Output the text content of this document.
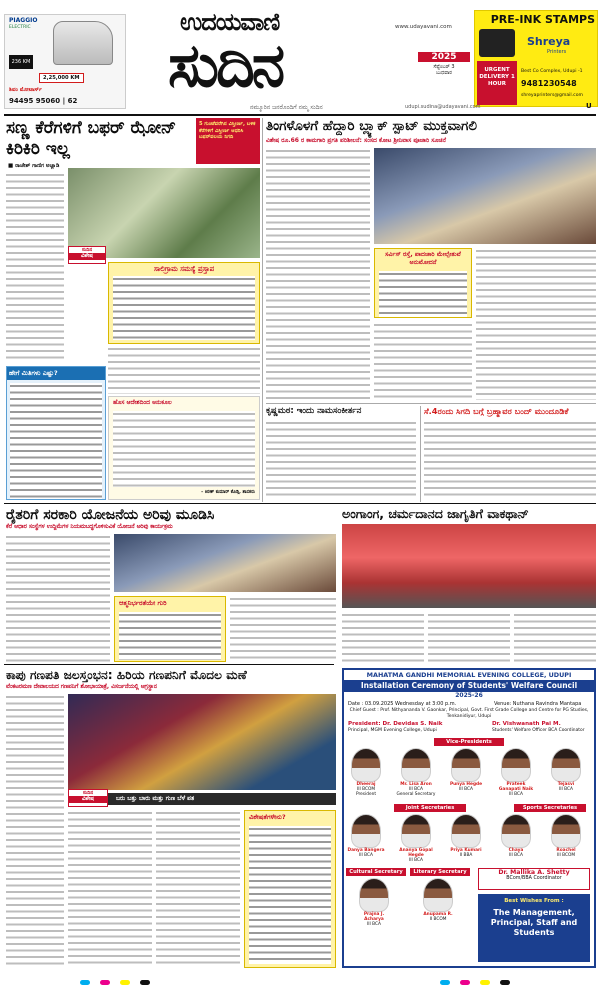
PIAGGIO
ELECTRIC
236 KM
2,25,000 KM
ಶಿವಂ ಮೋಟಾರ್ಸ್
94495 95060 | 62
ಉದಯವಾಣಿ
ಸುದಿನ
www.udayavani.com
2025
ಸೆಪ್ಟೆಂಬರ್ 3
ಬುಧವಾರ
PRE-INK STAMPS
Shreya
Printers
URGENT DELIVERY 1 HOUR
Best Co Complex, Udupi -1
9481230548
shreyaprinters@gmail.com
ನಮ್ಮೂರಿನ ಜನರೊಂದಿಗೆ ನಮ್ಮ ಸುದಿನ	udupi.sudina@udayavani.com	U
ಸಣ್ಣ ಕೆರೆಗಳಿಗೆ ಬಫರ್ ಝೋನ್ ಕಿರಿಕಿರಿ ಇಲ್ಲ
5 ಗುಂಟೆವರೆಗಿನ ವಿಸ್ತೀರ್ಣ, ಬಳಿಕ ಕೆರೆಗಳಿಗೆ ವಿಸ್ತೀರ್ಣ ಆಧರಿಸಿ ಬಫರ್‌ವಲಯ ನಿಗದಿ
■ ರಾಜೇಶ್ ಗಾಣಿಗ ಅಚ್ಲಾಡಿ
ಸುದಿನ
ವಿಶೇಷ
ಸಾಲಿಗ್ರಾಮ ಸಮಸ್ಯೆ ಪ್ರಸ್ತಾಪ
ಹೇಗೆ ಮಿತಿಗಳು ಎಷ್ಟು?
ಹೊಸ ಆದೇಶದಿಂದ ಅನುಕೂಲ
– ಕಿರಣ್ ಕುಮಾರ್ ಕೊಡ್ಗಿ, ಶಾಸಕರು
ತಿಂಗಳೊಳಗೆ ಹೆದ್ದಾರಿ ಬ್ಲ್ಯಾಕ್ ಸ್ಪಾಟ್ ಮುಕ್ತವಾಗಲಿ
ವಿಶೇಷ ರೂ.66 ರ ಕಾಮಗಾರಿ ಪ್ರಗತಿ ಪರಿಶೀಲನೆ: ಸಂಸದ ಕೋಟ ಶ್ರೀನಿವಾಸ ಪೂಜಾರಿ ಸೂಚನೆ
ಸರ್ವಿಸ್ ರಸ್ತೆ, ಪಾದಚಾರಿ ಮೇಲ್ಸೇತುವೆ ಅನುಮೋದನೆ
ಕೃಷ್ಣಮಠ: ಇಂದು ನಾಮಸಂಕೀರ್ತನ	ಸೆ.4ರಂದು ಸಿಗದಿ ಬಗ್ಗೆ ಬ್ರಹ್ಮಾವರ ಬಂದ್ ಮುಂದೂಡಿಕೆ
ರೈತರಿಗೆ ಸರಕಾರಿ ಯೋಜನೆಯ ಅರಿವು ಮೂಡಿಸಿ
ಕೆರೆ ಆಧಾರ ಸಂಸ್ಥೆಗಳ ಉದ್ದಿಮೆಗಳ ನಿಯಮಬದ್ಧಗೊಳಿಸುವಿಕೆ ಯೋಜನೆ ಅರಿವು ಕಾರ್ಯಕ್ರಮ
ಆತ್ಮನಿರ್ಭರತೆಯೇ ಗುರಿ
ಅಂಗಾಂಗ, ಚರ್ಮದಾನದ ಜಾಗೃತಿಗೆ ವಾಕಥಾನ್
ಕಾಪು ಗಣಪತಿ ಜಲಸ್ತಂಭನ: ಹಿರಿಯ ಗಣಪನಿಗೆ ಮೊದಲ ಮಣೆ
ವೆಂಕಟರಮಣ ದೇವಾಲಯದ ಗಣಪನಿಗೆ ಶೋಭಾಯಾತ್ರೆ, ವಿಸರ್ಜನೆಯಲ್ಲಿ ಆಗ್ರಸ್ಥಾನ
ಬರು ಬತ್ತು ಬಾರು ಮತ್ತು ಗುಣ ಬೆಳೆ ಪತ
ಸುದಿನ
ವಿಶೇಷ
ವಿಶೇಷತೆಗಳೇನು?
MAHATMA GANDHI MEMORIAL EVENING COLLEGE, UDUPI
Installation Ceremony of Students' Welfare Council
2025-26
Date : 03.09.2025 Wednesday at 3:00 p.m.	Venue: Nuthana Ravindra Mantapa
Chief Guest : Prof. Nithyananda V. Gaonkar, Principal, Govt. First Grade College and Centre for PG Studies, Tenkanidiyur, Udupi
President: Dr. Devidas S. Naik
Principal, MGM Evening College, Udupi
Dr. Vishwanath Pai M.
Students' Welfare Officer BCA Coordinator
Vice-Presidents
Dheeraj
III BCOM
President
Mr. Lisa Aron
III BCA
General Secretary
Punya Hegde
III BCA
Prateek Ganapati Naik
III BCA
Tejasvi
III BCA
Joint Secretaries	Sports Secretaries
Danya Bangera
III BCA
Ananya Gopal Hegde
III BCA
Priya Kumari
II BBA
Chaya
III BCA
Roachel
III BCOM
Cultural Secretary	Literary Secretary
Prajna J. Acharya
III BCA
Anupama R.
II BCOM
Dr. Mallika A. Shetty
BCom/BBA Coordinator
Best Wishes From :
The Management, Principal, Staff and Students
